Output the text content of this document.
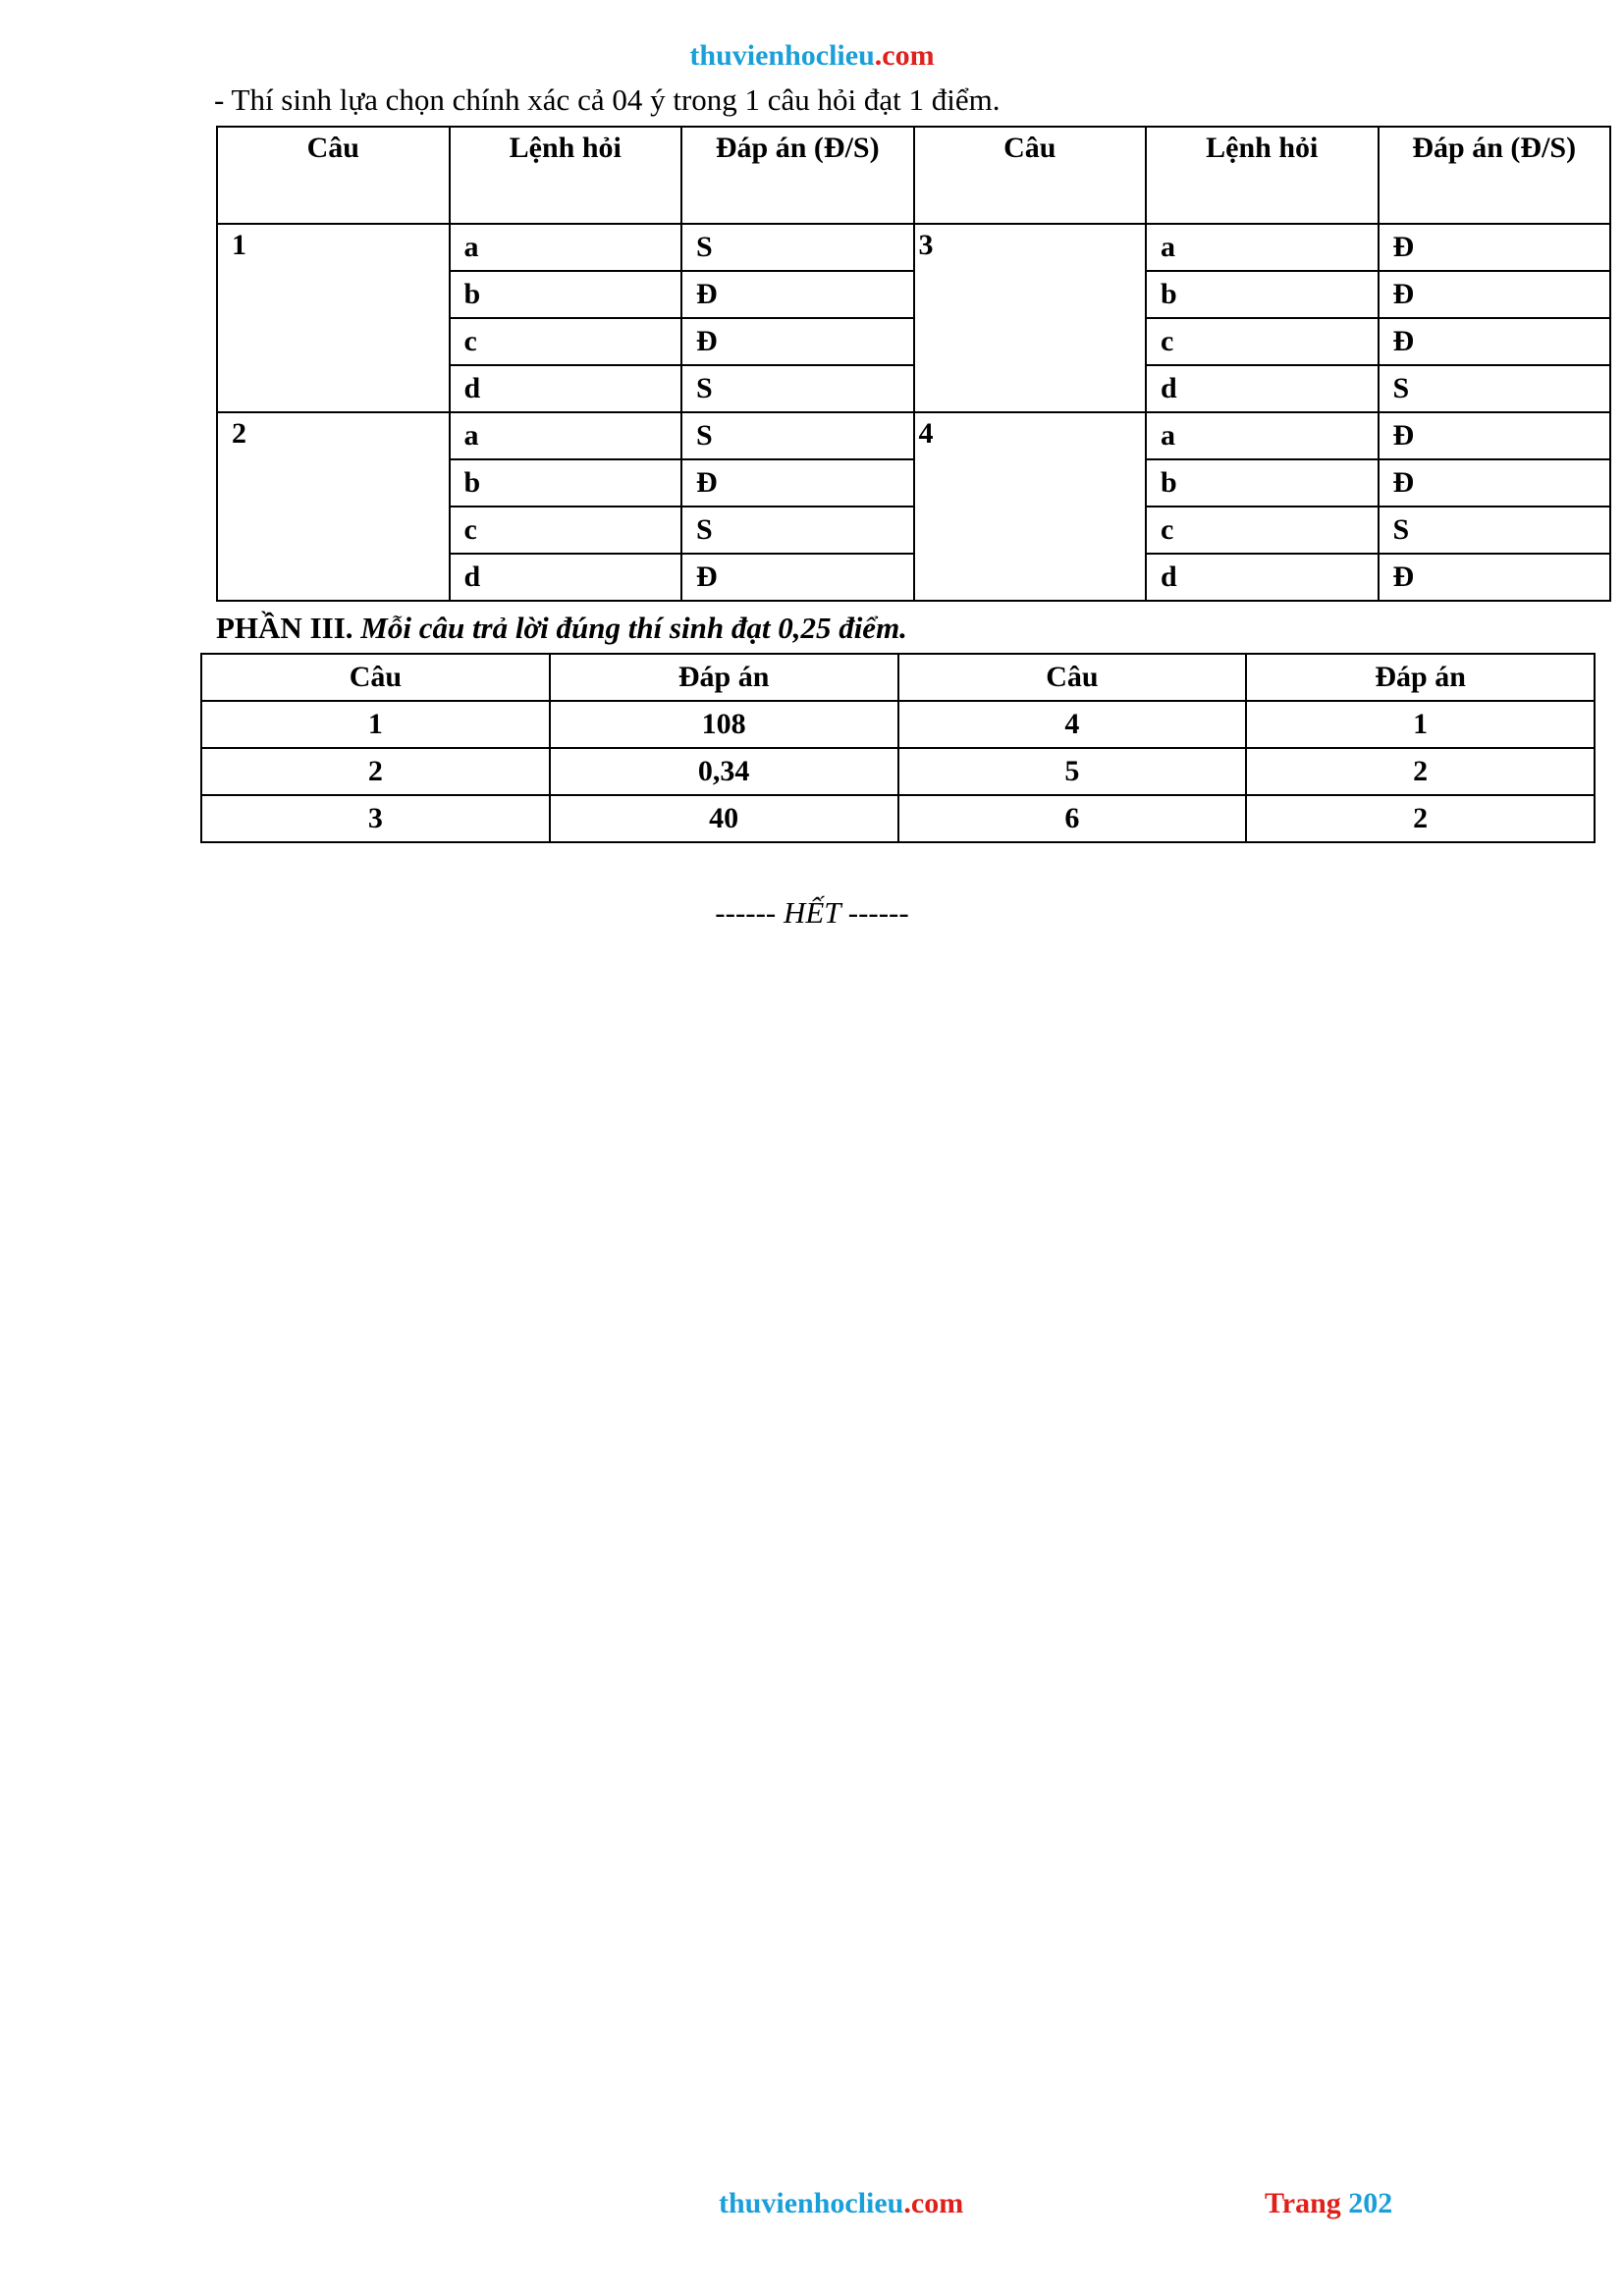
thuvienhoclieu.com
- Thí sinh lựa chọn chính xác cả 04 ý trong 1 câu hỏi đạt 1 điểm.
Câu	Lệnh hỏi	Đáp án (Đ/S)	Câu	Lệnh hỏi	Đáp án (Đ/S)
1	a	S	3	a	Đ
	b	Đ		b	Đ
	c	Đ		c	Đ
	d	S		d	S
2	a	S	4	a	Đ
	b	Đ		b	Đ
	c	S		c	S
	d	Đ		d	Đ
PHẦN III. Mỗi câu trả lời đúng thí sinh đạt 0,25 điểm.
Câu	Đáp án	Câu	Đáp án
1	108	4	1
2	0,34	5	2
3	40	6	2
------ HẾT ------
thuvienhoclieu.com	Trang 202
